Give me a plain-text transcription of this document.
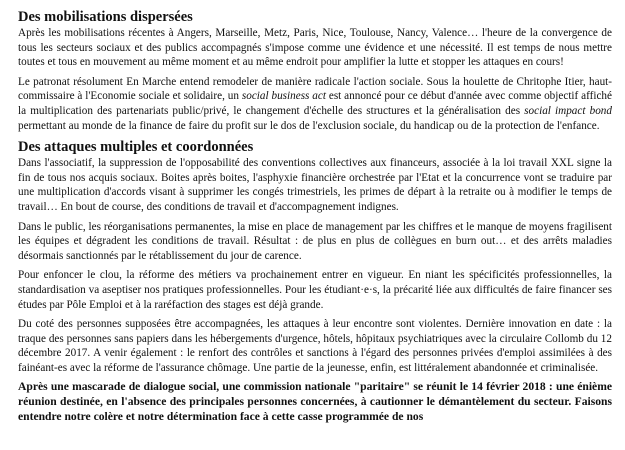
Des mobilisations dispersées

Après les mobilisations récentes à Angers, Marseille, Metz, Paris, Nice, Toulouse, Nancy, Valence… l'heure de la convergence de tous les secteurs sociaux et des publics accompagnés s'impose comme une évidence et une nécessité. Il est temps de nous mettre toutes et tous en mouvement au même moment et au même endroit pour amplifier la lutte et stopper les attaques en cours!

Le patronat résolument En Marche entend remodeler de manière radicale l'action sociale. Sous la houlette de Chritophe Itier, haut-commissaire à l'Economie sociale et solidaire, un social business act est annoncé pour ce début d'année avec comme objectif affiché la multiplication des partenariats public/privé, le changement d'échelle des structures et la généralisation des social impact bond permettant au monde de la finance de faire du profit sur le dos de l'exclusion sociale, du handicap ou de la protection de l'enfance.

Des attaques multiples et coordonnées

Dans l'associatif, la suppression de l'opposabilité des conventions collectives aux financeurs, associée à la loi travail XXL signe la fin de tous nos acquis sociaux. Boites après boites, l'asphyxie financière orchestrée par l'Etat et la concurrence vont se traduire par une multiplication d'accords visant à supprimer les congés trimestriels, les primes de départ à la retraite ou à modifier le temps de travail… En bout de course, des conditions de travail et d'accompagnement indignes.

Dans le public, les réorganisations permanentes, la mise en place de management par les chiffres et le manque de moyens fragilisent les équipes et dégradent les conditions de travail. Résultat : de plus en plus de collègues en burn out… et des arrêts maladies désormais sanctionnés par le rétablissement du jour de carence.

Pour enfoncer le clou, la réforme des métiers va prochainement entrer en vigueur. En niant les spécificités professionnelles, la standardisation va aseptiser nos pratiques professionnelles. Pour les étudiant·e·s, la précarité liée aux difficultés de faire financer ses études par Pôle Emploi et à la raréfaction des stages est déjà grande.

Du coté des personnes supposées être accompagnées, les attaques à leur encontre sont violentes. Dernière innovation en date : la traque des personnes sans papiers dans les hébergements d'urgence, hôtels, hôpitaux psychiatriques avec la circulaire Collomb du 12 décembre 2017. A venir également : le renfort des contrôles et sanctions à l'égard des personnes privées d'emploi assimilées à des fainéant-es avec la réforme de l'assurance chômage. Une partie de la jeunesse, enfin, est littéralement abandonnée et criminalisée.

Après une mascarade de dialogue social, une commission nationale "paritaire" se réunit le 14 février 2018 : une énième réunion destinée, en l'absence des principales personnes concernées, à cautionner le démantèlement du secteur. Faisons entendre notre colère et notre détermination face à cette casse programmée de nos
